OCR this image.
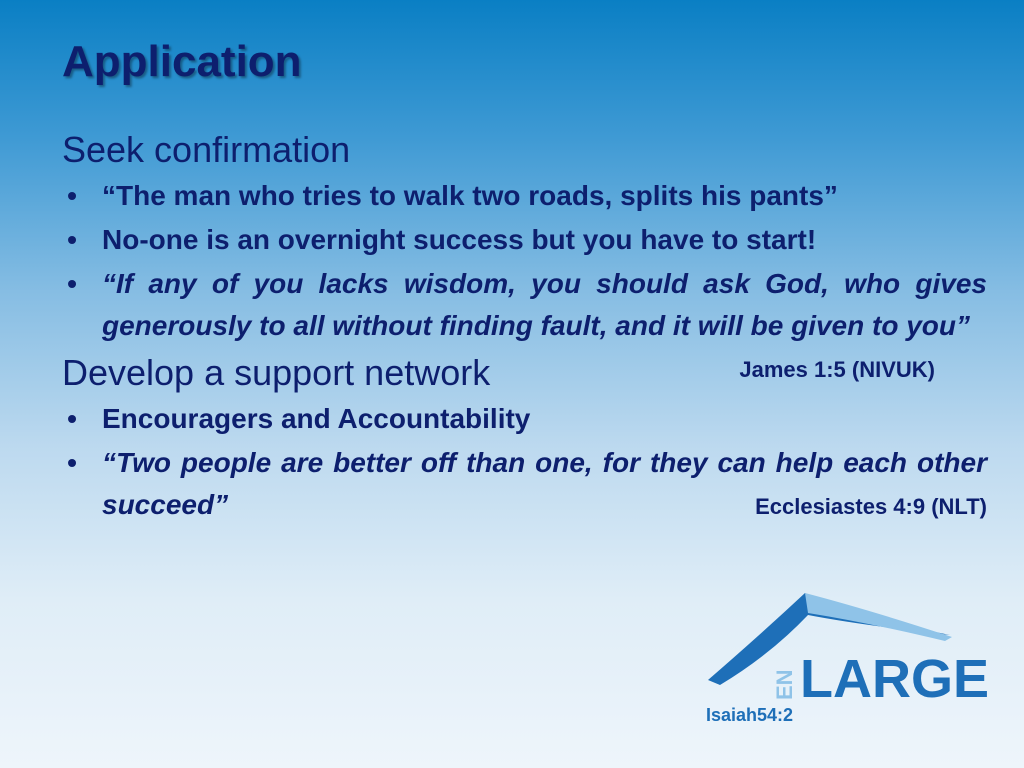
Application
Seek confirmation
• “The man who tries to walk two roads, splits his pants”
• No-one is an overnight success but you have to start!
• “If any of you lacks wisdom, you should ask God, who gives generously to all without finding fault, and it will be given to you”
James 1:5 (NIVUK)
Develop a support network
• Encouragers and Accountability
• “Two people are better off than one, for they can help each other succeed”	Ecclesiastes 4:9 (NLT)
EN LARGE
Isaiah54:2
